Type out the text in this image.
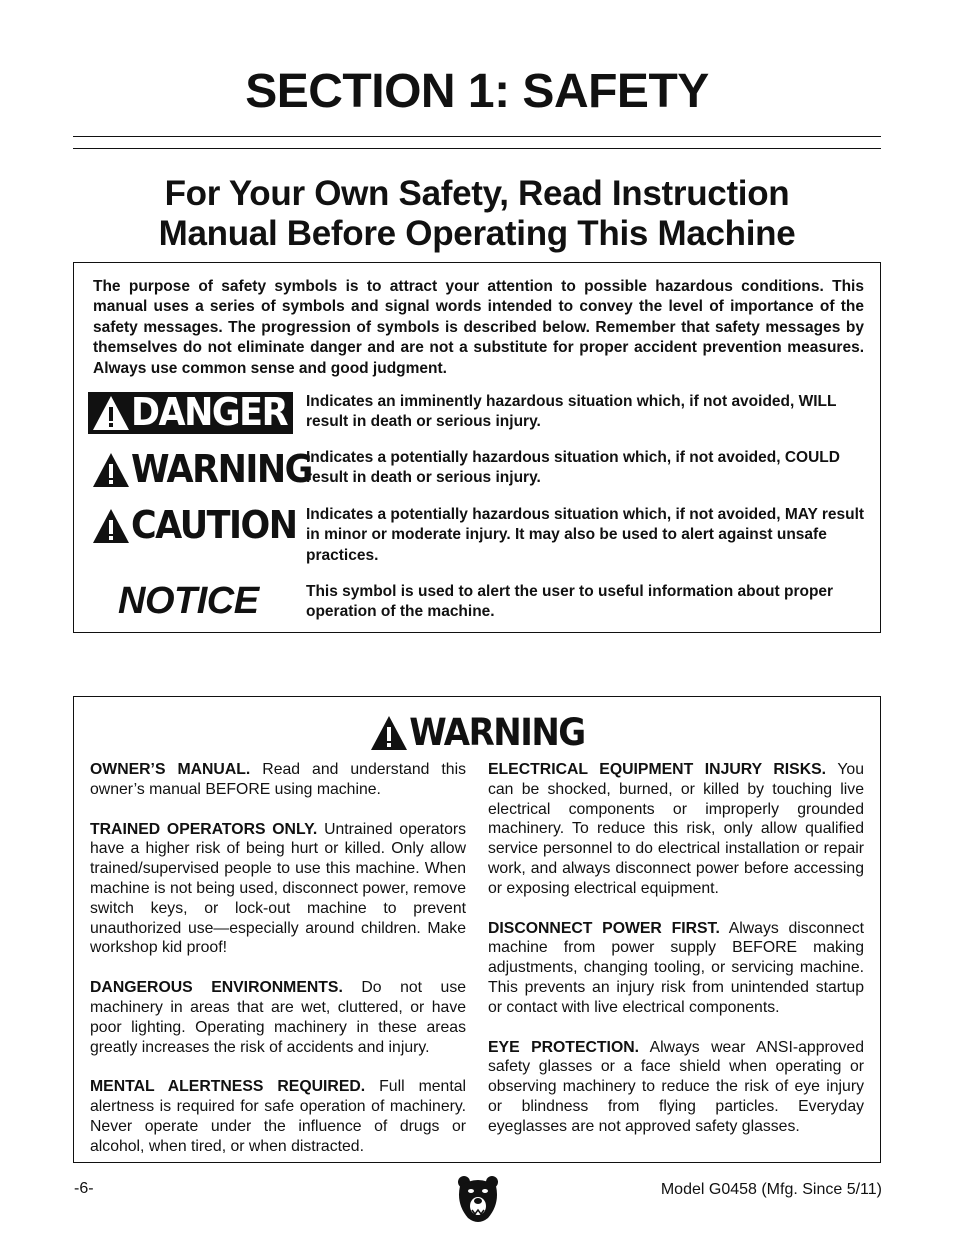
SECTION 1: SAFETY
For Your Own Safety, Read Instruction
Manual Before Operating This Machine
The purpose of safety symbols is to attract your attention to possible hazardous conditions. This manual uses a series of symbols and signal words intended to convey the level of importance of the safety messages. The progression of symbols is described below. Remember that safety messages by themselves do not eliminate danger and are not a substitute for proper accident prevention measures. Always use common sense and good judgment.
DANGER Indicates an imminently hazardous situation which, if not avoided, WILL result in death or serious injury.
WARNING
Indicates a potentially hazardous situation which, if not avoided, COULD result in death or serious injury.
CAUTION Indicates a potentially hazardous situation which, if not avoided, MAY result in minor or moderate injury. It may also be used to alert against unsafe practices.
NOTICE	This symbol is used to alert the user to useful information about proper operation of the machine.
WARNING

OWNER’S MANUAL. Read and understand this owner’s manual BEFORE using machine.

TRAINED OPERATORS ONLY. Untrained operators have a higher risk of being hurt or killed. Only allow trained/supervised people to use this machine. When machine is not being used, disconnect power, remove switch keys, or lock-out machine to prevent unauthorized use—especially around children. Make workshop kid proof!

DANGEROUS ENVIRONMENTS. Do not use machinery in areas that are wet, cluttered, or have poor lighting. Operating machinery in these areas greatly increases the risk of accidents and injury.

MENTAL ALERTNESS REQUIRED. Full mental alertness is required for safe operation of machinery. Never operate under the influence of drugs or alcohol, when tired, or when distracted.

ELECTRICAL EQUIPMENT INJURY RISKS. You can be shocked, burned, or killed by touching live electrical components or improperly grounded machinery. To reduce this risk, only allow qualified service personnel to do electrical installation or repair work, and always disconnect power before accessing or exposing electrical equipment.

DISCONNECT POWER FIRST. Always disconnect machine from power supply BEFORE making adjustments, changing tooling, or servicing machine. This prevents an injury risk from unintended startup or contact with live electrical components.

EYE PROTECTION. Always wear ANSI-approved safety glasses or a face shield when operating or observing machinery to reduce the risk of eye injury or blindness from flying particles. Everyday eyeglasses are not approved safety glasses.

-6-	Model G0458 (Mfg. Since 5/11)
